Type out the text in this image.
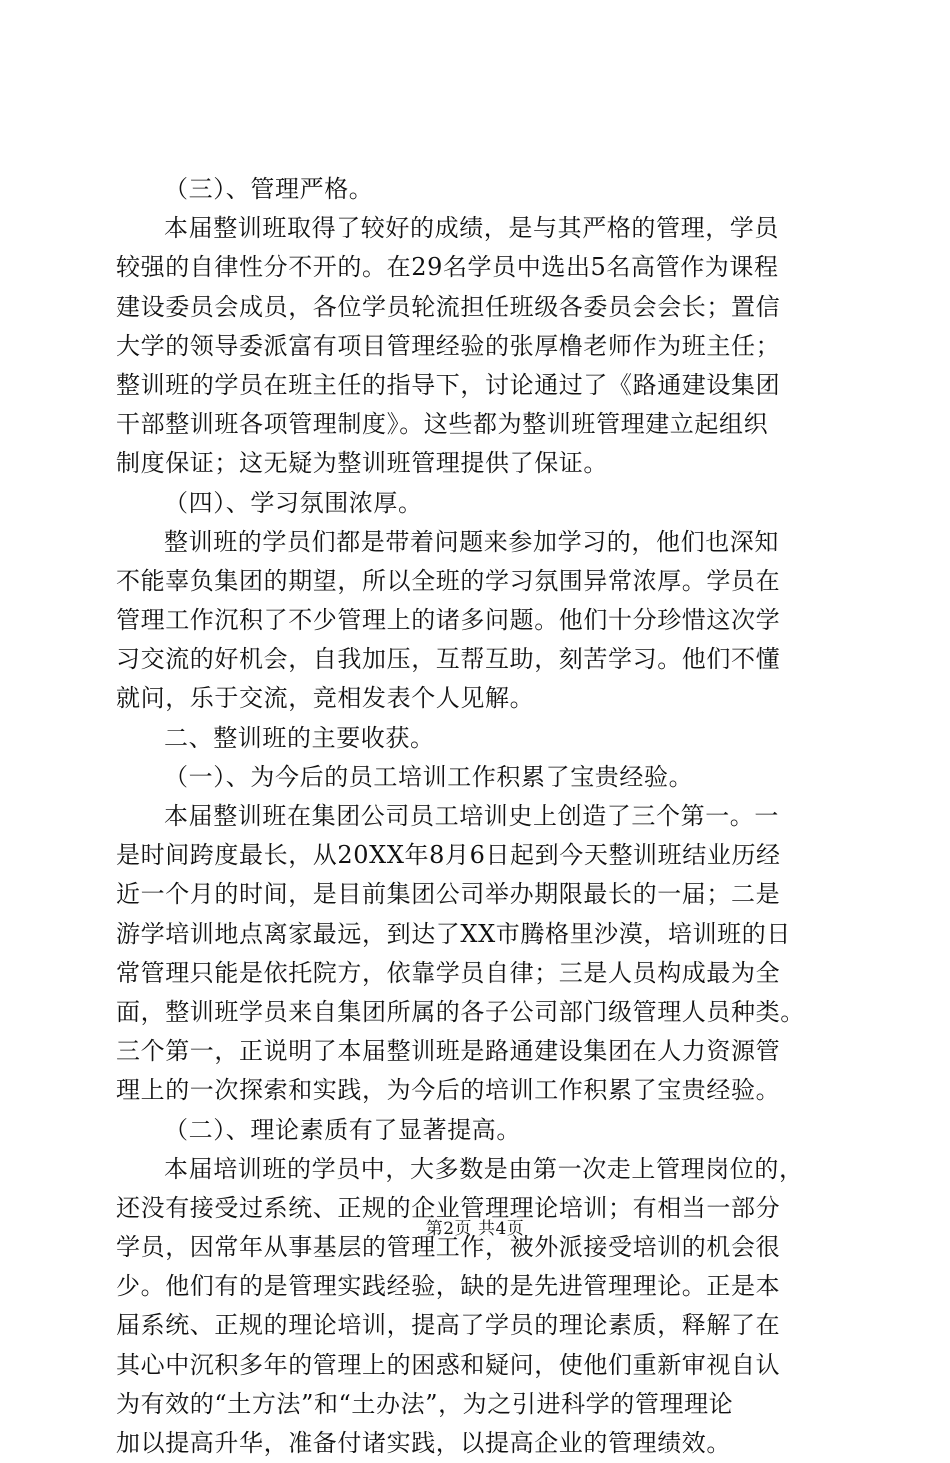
（三）、管理严格。
本届整训班取得了较好的成绩，是与其严格的管理，学员
较强的自律性分不开的。在29名学员中选出5名高管作为课程
建设委员会成员，各位学员轮流担任班级各委员会会长；置信
大学的领导委派富有项目管理经验的张厚橹老师作为班主任；
整训班的学员在班主任的指导下，讨论通过了《路通建设集团
干部整训班各项管理制度》。这些都为整训班管理建立起组织
制度保证；这无疑为整训班管理提供了保证。
（四）、学习氛围浓厚。
整训班的学员们都是带着问题来参加学习的，他们也深知
不能辜负集团的期望，所以全班的学习氛围异常浓厚。学员在
管理工作沉积了不少管理上的诸多问题。他们十分珍惜这次学
习交流的好机会，自我加压，互帮互助，刻苦学习。他们不懂
就问，乐于交流，竞相发表个人见解。
二、整训班的主要收获。
（一）、为今后的员工培训工作积累了宝贵经验。
本届整训班在集团公司员工培训史上创造了三个第一。一
是时间跨度最长，从20XX年8月6日起到今天整训班结业历经
近一个月的时间，是目前集团公司举办期限最长的一届；二是
游学培训地点离家最远，到达了XX市腾格里沙漠，培训班的日
常管理只能是依托院方，依靠学员自律；三是人员构成最为全
面，整训班学员来自集团所属的各子公司部门级管理人员种类。
三个第一，正说明了本届整训班是路通建设集团在人力资源管
理上的一次探索和实践，为今后的培训工作积累了宝贵经验。
（二）、理论素质有了显著提高。
本届培训班的学员中，大多数是由第一次走上管理岗位的，
还没有接受过系统、正规的企业管理理论培训；有相当一部分
学员，因常年从事基层的管理工作，被外派接受培训的机会很
少。他们有的是管理实践经验，缺的是先进管理理论。正是本
届系统、正规的理论培训，提高了学员的理论素质，释解了在
其心中沉积多年的管理上的困惑和疑问，使他们重新审视自认
为有效的“土方法”和“土办法”，为之引进科学的管理理论
加以提高升华，准备付诸实践，以提高企业的管理绩效。
第2页 共4页
